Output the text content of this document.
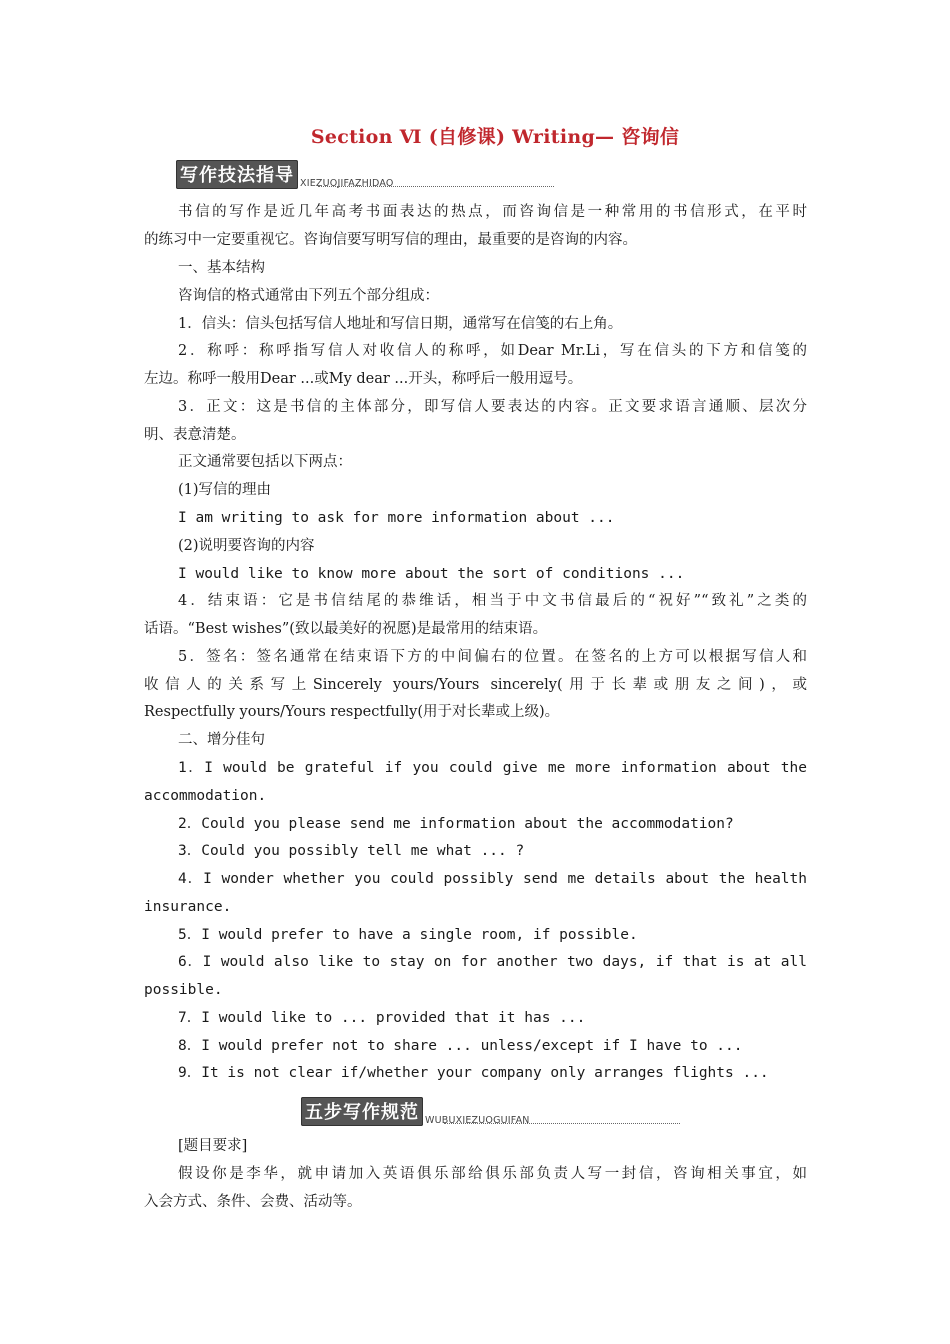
Section Ⅵ (自修课) Writing— 咨询信
写作技法指导 XIEZUOJIFAZHIDAO
书信的写作是近几年高考书面表达的热点，而咨询信是一种常用的书信形式，在平时
的练习中一定要重视它。咨询信要写明写信的理由，最重要的是咨询的内容。
一、基本结构
咨询信的格式通常由下列五个部分组成：
1．信头：信头包括写信人地址和写信日期，通常写在信笺的右上角。
2．称呼：称呼指写信人对收信人的称呼，如Dear Mr.Li，写在信头的下方和信笺的
左边。称呼一般用Dear ...或My dear ...开头，称呼后一般用逗号。
3．正文：这是书信的主体部分，即写信人要表达的内容。正文要求语言通顺、层次分
明、表意清楚。
正文通常要包括以下两点：
(1)写信的理由
I am writing to ask for more information about ...
(2)说明要咨询的内容
I would like to know more about the sort of conditions ...
4．结束语：它是书信结尾的恭维话，相当于中文书信最后的“祝好”“致礼”之类的
话语。“Best wishes”(致以最美好的祝愿)是最常用的结束语。
5．签名：签名通常在结束语下方的中间偏右的位置。在签名的上方可以根据写信人和
收信人的关系写上Sincerely yours/Yours sincerely(用于长辈或朋友之间)，或
Respectfully yours/Yours respectfully(用于对长辈或上级)。
二、增分佳句
1．I would be grateful if you could give me more information about the
accommodation.
2．Could you please send me information about the accommodation?
3．Could you possibly tell me what ... ?
4．I wonder whether you could possibly send me details about the health
insurance.
5．I would prefer to have a single room, if possible.
6．I would also like to stay on for another two days, if that is at all
possible.
7．I would like to ... provided that it has ...
8．I would prefer not to share ... unless/except if I have to ...
9．It is not clear if/whether your company only arranges flights ...
五步写作规范 WUBUXIEZUOGUIFAN
[题目要求]
假设你是李华，就申请加入英语俱乐部给俱乐部负责人写一封信，咨询相关事宜，如
入会方式、条件、会费、活动等。
